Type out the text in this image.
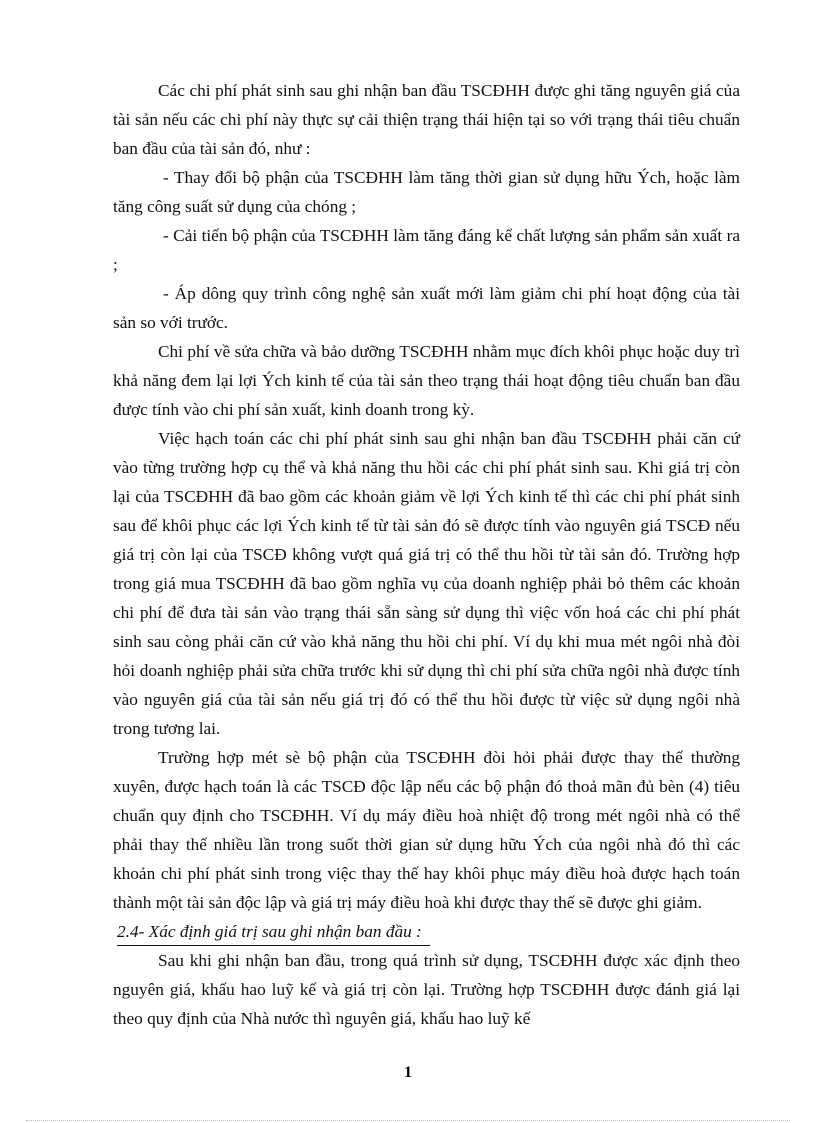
Các chi phí phát sinh sau ghi nhận ban đầu TSCĐHH được ghi tăng nguyên giá của tài sản nếu các chi phí này thực sự cải thiện trạng thái hiện tại so với trạng thái tiêu chuẩn ban đầu của tài sản đó, như :

- Thay đổi bộ phận của TSCĐHH làm tăng thời gian sử dụng hữu Ých, hoặc làm tăng công suất sử dụng của chóng ;

- Cải tiến bộ phận của TSCĐHH làm tăng đáng kể chất lượng sản phẩm sản xuất ra ;

- Áp dông quy trình công nghệ sản xuất mới làm giảm chi phí hoạt động của tài sản so với trước.

Chi phí về sửa chữa và bảo dưỡng TSCĐHH nhằm mục đích khôi phục hoặc duy trì khả năng đem lại lợi Ých kinh tế của tài sản theo trạng thái hoạt động tiêu chuẩn ban đầu được tính vào chi phí sản xuất, kinh doanh trong kỳ.

Việc hạch toán các chi phí phát sinh sau ghi nhận ban đầu TSCĐHH phải căn cứ vào từng trường hợp cụ thể và khả năng thu hồi các chi phí phát sinh sau. Khi giá trị còn lại của TSCĐHH đã bao gồm các khoản giảm về lợi Ých kinh tế thì các chi phí phát sinh sau để khôi phục các lợi Ých kinh tế từ tài sản đó sẽ được tính vào nguyên giá TSCĐ nếu giá trị còn lại của TSCĐ không vượt quá giá trị có thể thu hồi từ tài sản đó. Trường hợp trong giá mua TSCĐHH đã bao gồm nghĩa vụ của doanh nghiệp phải bỏ thêm các khoản chi phí để đưa tài sản vào trạng thái sẵn sàng sử dụng thì việc vốn hoá các chi phí phát sinh sau còng phải căn cứ vào khả năng thu hồi chi phí. Ví dụ khi mua mét ngôi nhà đòi hỏi doanh nghiệp phải sửa chữa trước khi sử dụng thì chi phí sửa chữa ngôi nhà được tính vào nguyên giá của tài sản nếu giá trị đó có thể thu hồi được từ việc sử dụng ngôi nhà trong tương lai.

Trường hợp mét sè bộ phận của TSCĐHH đòi hỏi phải được thay thế thường xuyên, được hạch toán là các TSCĐ độc lập nếu các bộ phận đó thoả mãn đủ bèn (4) tiêu chuẩn quy định cho TSCĐHH. Ví dụ máy điều hoà nhiệt độ trong mét ngôi nhà có thể phải thay thế nhiều lần trong suốt thời gian sử dụng hữu Ých của ngôi nhà đó thì các khoản chi phí phát sinh trong việc thay thế hay khôi phục máy điều hoà được hạch toán thành một tài sản độc lập và giá trị máy điều hoà khi được thay thế sẽ được ghi giảm.

2.4- Xác định giá trị sau ghi nhận ban đầu :

Sau khi ghi nhận ban đầu, trong quá trình sử dụng, TSCĐHH được xác định theo nguyên giá, khấu hao luỹ kế và giá trị còn lại. Trường hợp TSCĐHH được đánh giá lại theo quy định của Nhà nước thì nguyên giá, khấu hao luỹ kế

1
